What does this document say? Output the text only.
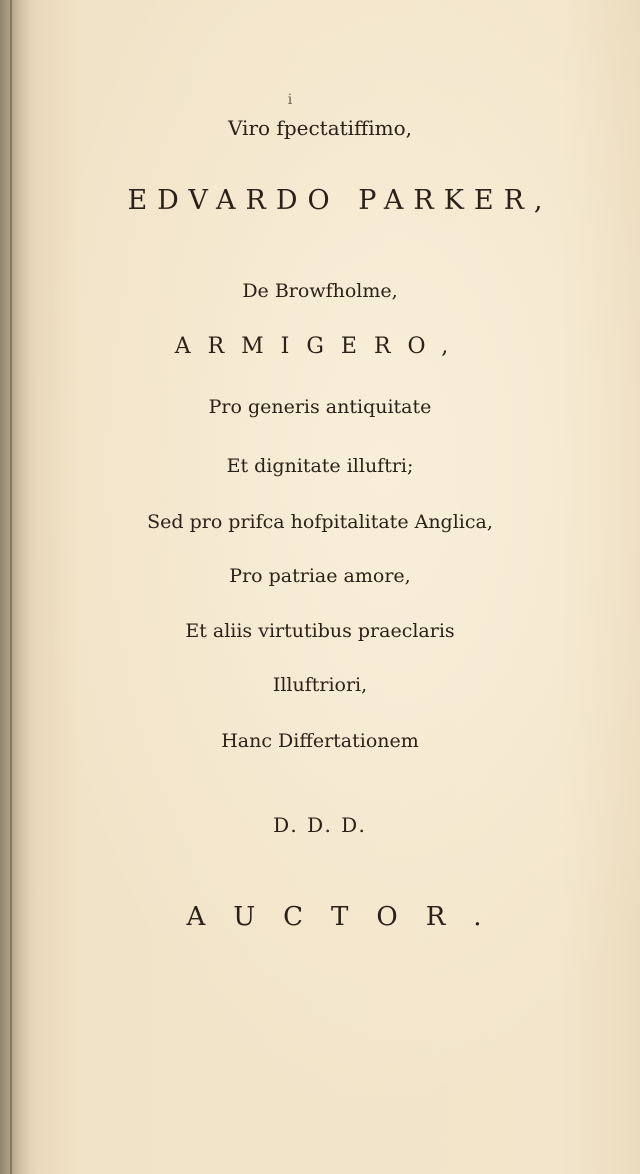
i
Viro fpectatiffimo,
EDVARDO PARKER,
De Browfholme,
ARMIGERO,
Pro generis antiquitate
Et dignitate illuftri;
Sed pro prifca hofpitalitate Anglica,
Pro patriae amore,
Et aliis virtutibus praeclaris
Illuftriori,
Hanc Differtationem
D. D. D.
AUCTOR.
